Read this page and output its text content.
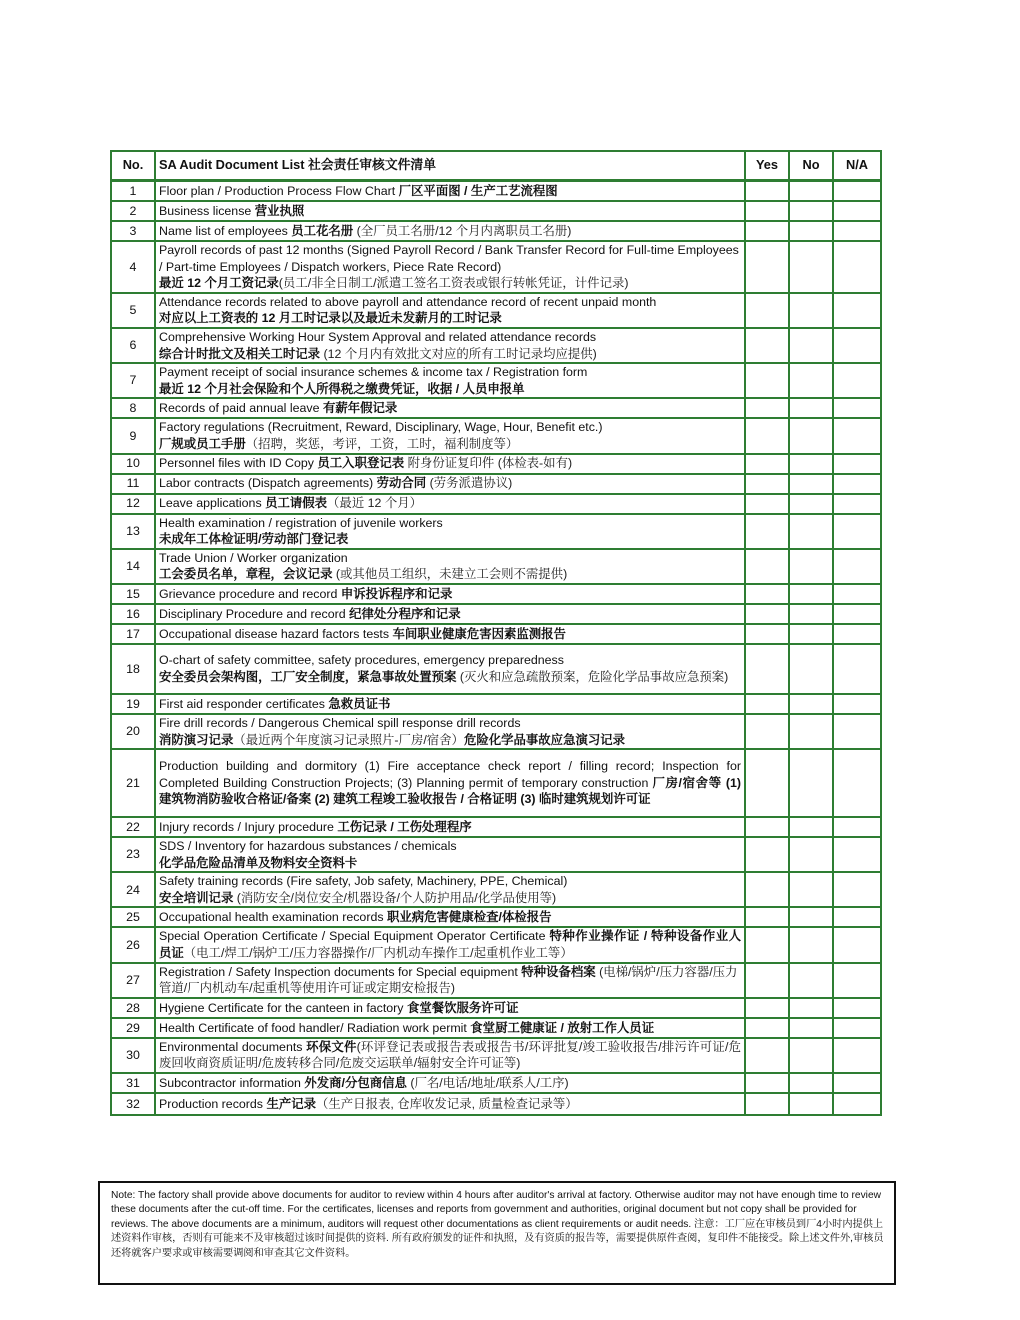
No.	SA Audit Document List 社会责任审核文件清单	Yes	No	N/A
1	Floor plan / Production Process Flow Chart 厂区平面图 / 生产工艺流程图			

2	Business license 营业执照			

3	Name list of employees 员工花名册 (全厂员工名册/12 个月内离职员工名册)			

4	Payroll records of past 12 months (Signed Payroll Record / Bank Transfer Record for Full-time Employees / Part-time Employees / Dispatch workers, Piece Rate Record)
最近 12 个月工资记录(员工/非全日制工/派遣工签名工资表或银行转帐凭证，计件记录)			

5	Attendance records related to above payroll and attendance record of recent unpaid month
对应以上工资表的 12 月工时记录以及最近未发薪月的工时记录			

6	Comprehensive Working Hour System Approval and related attendance records
综合计时批文及相关工时记录 (12 个月内有效批文对应的所有工时记录均应提供)			

7	Payment receipt of social insurance schemes & income tax / Registration form
最近 12 个月社会保险和个人所得税之缴费凭证，收据 / 人员申报单			

8	Records of paid annual leave 有薪年假记录			

9	Factory regulations (Recruitment, Reward, Disciplinary, Wage, Hour, Benefit etc.)
厂规或员工手册（招聘，奖惩，考评，工资，工时，福利制度等）			

10	Personnel files with ID Copy 员工入职登记表 附身份证复印件 (体检表-如有)			

11	Labor contracts (Dispatch agreements) 劳动合同 (劳务派遣协议)			

12	Leave applications 员工请假表（最近 12 个月）			

13	Health examination / registration of juvenile workers
未成年工体检证明/劳动部门登记表			

14	Trade Union / Worker organization
工会委员名单，章程，会议记录 (或其他员工组织，未建立工会则不需提供)			

15	Grievance procedure and record 申诉投诉程序和记录			

16	Disciplinary Procedure and record 纪律处分程序和记录			

17	Occupational disease hazard factors tests 车间职业健康危害因素监测报告			

18	O-chart of safety committee, safety procedures, emergency preparedness
安全委员会架构图，工厂安全制度，紧急事故处置预案 (灭火和应急疏散预案，危险化学品事故应急预案)			

19	First aid responder certificates 急救员证书			

20	Fire drill records / Dangerous Chemical spill response drill records
消防演习记录（最近两个年度演习记录照片-厂房/宿舍）危险化学品事故应急演习记录			

21	Production building and dormitory (1) Fire acceptance check report / filling record; Inspection for Completed Building Construction Projects; (3) Planning permit of temporary construction 厂房/宿舍等 (1) 建筑物消防验收合格证/备案 (2) 建筑工程竣工验收报告 / 合格证明 (3) 临时建筑规划许可证			

22	Injury records / Injury procedure 工伤记录 / 工伤处理程序			

23	SDS / Inventory for hazardous substances / chemicals
化学品危险品清单及物料安全资料卡			

24	Safety training records (Fire safety, Job safety, Machinery, PPE, Chemical)
安全培训记录 (消防安全/岗位安全/机器设备/个人防护用品/化学品使用等)			

25	Occupational health examination records 职业病危害健康检查/体检报告			

26	Special Operation Certificate / Special Equipment Operator Certificate 特种作业操作证 / 特种设备作业人员证（电工/焊工/锅炉工/压力容器操作/厂内机动车操作工/起重机作业工等）			

27	Registration / Safety Inspection documents for Special equipment 特种设备档案 (电梯/锅炉/压力容器/压力管道/厂内机动车/起重机等使用许可证或定期安检报告)			

28	Hygiene Certificate for the canteen in factory 食堂餐饮服务许可证			

29	Health Certificate of food handler/ Radiation work permit 食堂厨工健康证 / 放射工作人员证			

30	Environmental documents 环保文件(环评登记表或报告表或报告书/环评批复/竣工验收报告/排污许可证/危废回收商资质证明/危废转移合同/危废交运联单/辐射安全许可证等)			

31	Subcontractor information 外发商/分包商信息 (厂名/电话/地址/联系人/工序)			

32	Production records 生产记录（生产日报表, 仓库收发记录, 质量检查记录等）			

Note: The factory shall provide above documents for auditor to review within 4 hours after auditor's arrival at factory. Otherwise auditor may not have enough time to review these documents after the cut-off time. For the certificates, licenses and reports from government and authorities, original document but not copy shall be provided for reviews. The above documents are a minimum, auditors will request other documentations as client requirements or audit needs. 注意：工厂应在审核员到厂4小时内提供上述资料作审核，否则有可能来不及审核超过该时间提供的资料. 所有政府颁发的证件和执照，及有资质的报告等，需要提供原件查阅，复印件不能接受。除上述文件外,审核员还将就客户要求或审核需要调阅和审查其它文件资料。
